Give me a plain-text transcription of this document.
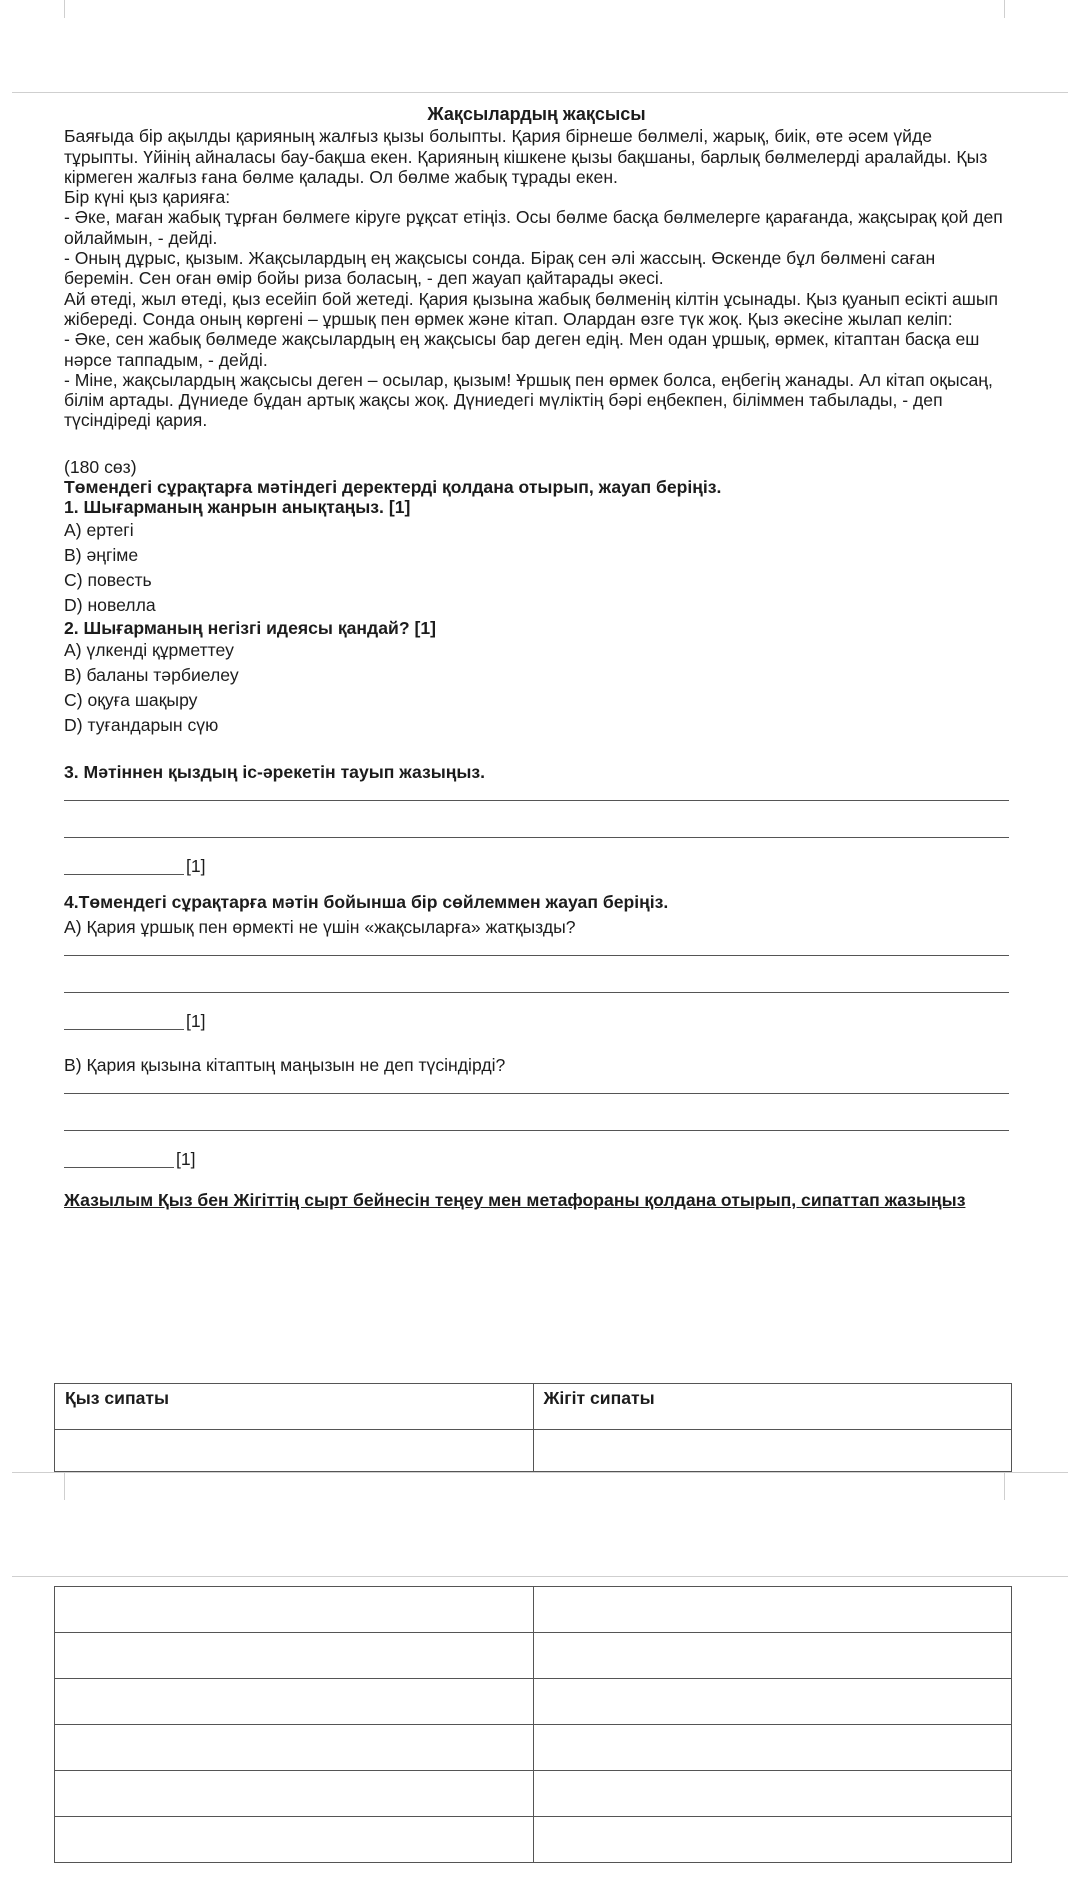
Жақсылардың жақсысы

Баяғыда бір ақылды қарияның жалғыз қызы болыпты. Қария бірнеше бөлмелі, жарық, биік, өте әсем үйде тұрыпты. Үйінің айналасы бау-бақша екен. Қарияның кішкене қызы бақшаны, барлық бөлмелерді аралайды. Қыз кірмеген жалғыз ғана бөлме қалады. Ол бөлме жабық тұрады екен.

Бір күні қыз қарияға:

- Әке, маған жабық тұрған бөлмеге кіруге рұқсат етіңіз. Осы бөлме басқа бөлмелерге қарағанда, жақсырақ қой деп ойлаймын, - дейді.

- Оның дұрыс, қызым. Жақсылардың ең жақсысы сонда. Бірақ сен әлі жассың. Өскенде бұл бөлмені саған беремін. Сен оған өмір бойы риза боласың, - деп жауап қайтарады әкесі.

Ай өтеді, жыл өтеді, қыз есейіп бой жетеді. Қария қызына жабық бөлменің кілтін ұсынады. Қыз қуанып есікті ашып жібереді. Сонда оның көргені – ұршық пен өрмек және кітап. Олардан өзге түк жоқ. Қыз әкесіне жылап келіп:

- Әке, сен жабық бөлмеде жақсылардың ең жақсысы бар деген едің. Мен одан ұршық, өрмек, кітаптан басқа еш нәрсе таппадым, - дейді.

- Міне, жақсылардың жақсысы деген – осылар, қызым! Ұршық пен өрмек болса, еңбегің жанады. Ал кітап оқысаң, білім артады. Дүниеде бұдан артық жақсы жоқ. Дүниедегі мүліктің бәрі еңбекпен, біліммен табылады, - деп түсіндіреді қария.

(180 сөз)

Төмендегі сұрақтарға мәтіндегі деректерді қолдана отырып, жауап беріңіз.

1. Шығарманың жанрын анықтаңыз. [1]

A) ертегі

B) әңгіме

C) повесть

D) новелла

2. Шығарманың негізгі идеясы қандай? [1]

A) үлкенді құрметтеу

B) баланы тәрбиелеу

C) оқуға шақыру

D) туғандарын сүю

3. Мәтіннен қыздың іс-әрекетін тауып жазыңыз.

[1]

4.Төмендегі сұрақтарға мәтін бойынша бір сөйлеммен жауап беріңіз.

A) Қария ұршық пен өрмекті не үшін «жақсыларға» жатқызды?

[1]

B) Қария қызына кітаптың маңызын не деп түсіндірді?

[1]

Жазылым Қыз бен Жігіттің сырт бейнесін теңеу мен метафораны қолдана отырып, сипаттап жазыңыз

Қыз сипаты	Жігіт сипаты
